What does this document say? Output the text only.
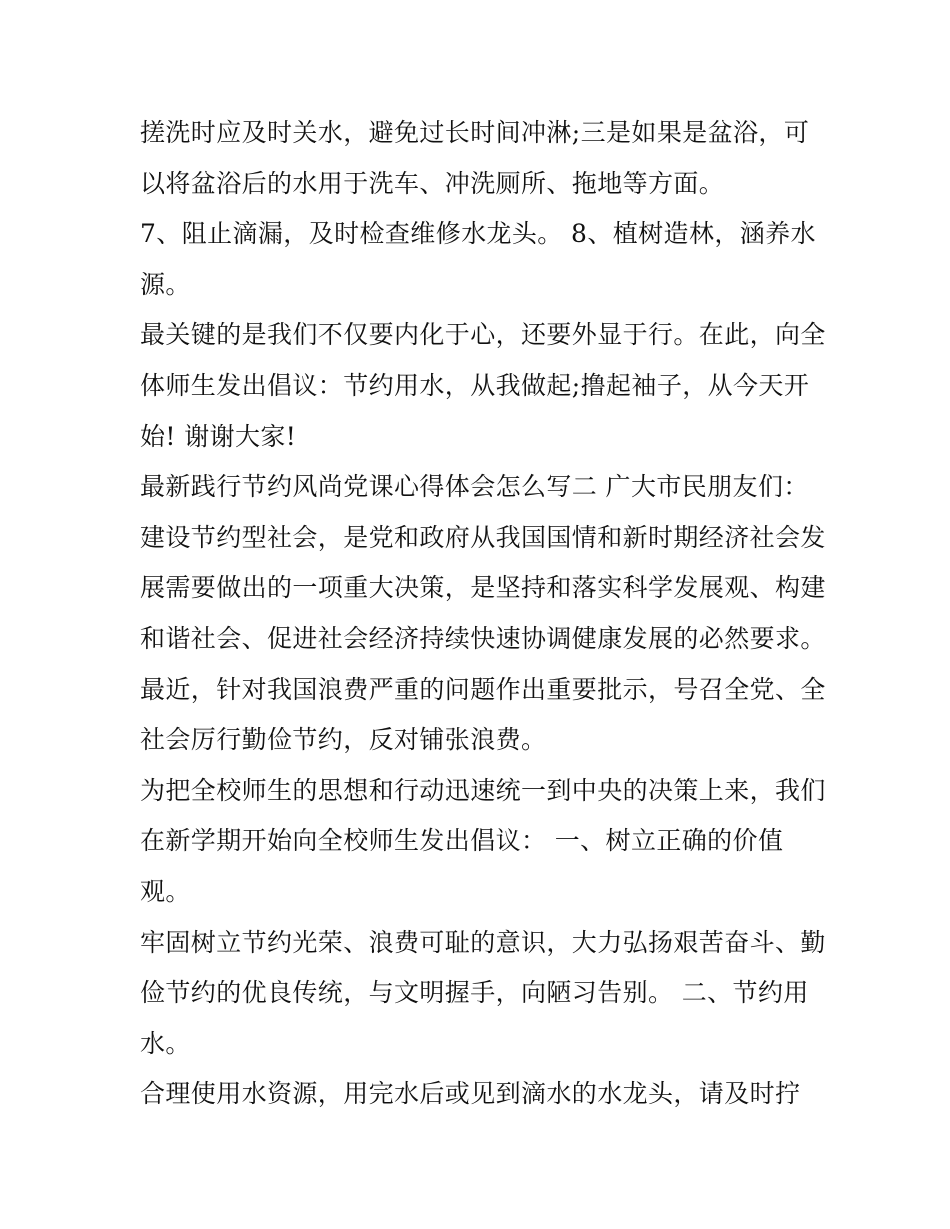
搓洗时应及时关水，避免过长时间冲淋;三是如果是盆浴，可
以将盆浴后的水用于洗车、冲洗厕所、拖地等方面。
7、阻止滴漏，及时检查维修水龙头。 8、植树造林，涵养水
源。
最关键的是我们不仅要内化于心，还要外显于行。在此，向全
体师生发出倡议：节约用水，从我做起;撸起袖子，从今天开
始! 谢谢大家!
最新践行节约风尚党课心得体会怎么写二 广大市民朋友们：
建设节约型社会，是党和政府从我国国情和新时期经济社会发
展需要做出的一项重大决策，是坚持和落实科学发展观、构建
和谐社会、促进社会经济持续快速协调健康发展的必然要求。
最近，针对我国浪费严重的问题作出重要批示，号召全党、全
社会厉行勤俭节约，反对铺张浪费。
为把全校师生的思想和行动迅速统一到中央的决策上来，我们
在新学期开始向全校师生发出倡议： 一、树立正确的价值
观。
牢固树立节约光荣、浪费可耻的意识，大力弘扬艰苦奋斗、勤
俭节约的优良传统，与文明握手，向陋习告别。 二、节约用
水。
合理使用水资源，用完水后或见到滴水的水龙头，请及时拧
